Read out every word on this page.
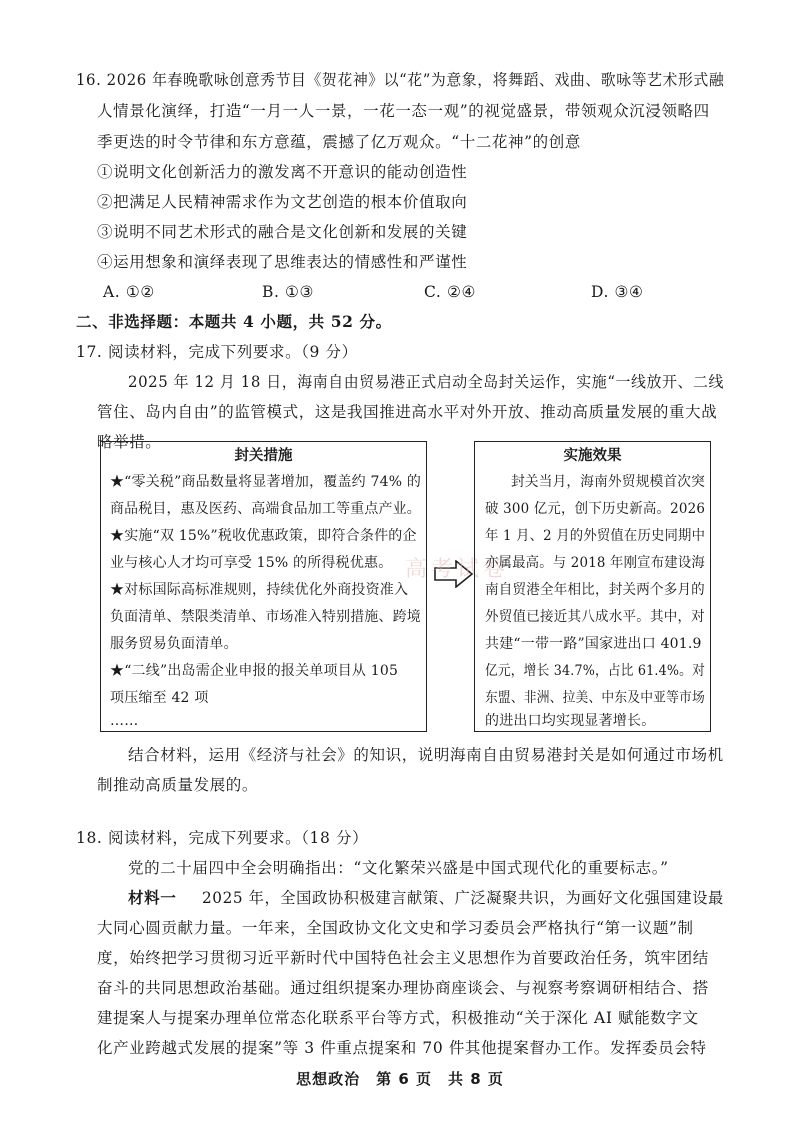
16. 2026 年春晚歌咏创意秀节目《贺花神》以“花”为意象，将舞蹈、戏曲、歌咏等艺术形式融
人情景化演绎，打造“一月一人一景，一花一态一观”的视觉盛景，带领观众沉浸领略四
季更迭的时令节律和东方意蕴，震撼了亿万观众。“十二花神”的创意
①说明文化创新活力的激发离不开意识的能动创造性
②把满足人民精神需求作为文艺创造的根本价值取向
③说明不同艺术形式的融合是文化创新和发展的关键
④运用想象和演绎表现了思维表达的情感性和严谨性
A. ①②	B. ①③	C. ②④	D. ③④
二、非选择题：本题共 4 小题，共 52 分。
17. 阅读材料，完成下列要求。（9 分）
2025 年 12 月 18 日，海南自由贸易港正式启动全岛封关运作，实施“一线放开、二线
管住、岛内自由”的监管模式，这是我国推进高水平对外开放、推动高质量发展的重大战
略举措。
封关措施
★“零关税”商品数量将显著增加，覆盖约 74% 的
商品税目，惠及医药、高端食品加工等重点产业。
★实施“双 15%”税收优惠政策，即符合条件的企
业与核心人才均可享受 15% 的所得税优惠。
★对标国际高标准规则，持续优化外商投资准入
负面清单、禁限类清单、市场准入特别措施、跨境
服务贸易负面清单。
★“二线”出岛需企业申报的报关单项目从 105
项压缩至 42 项
……
高考试卷
实施效果
封关当月，海南外贸规模首次突
破 300 亿元，创下历史新高。2026
年 1 月、2 月的外贸值在历史同期中
亦属最高。与 2018 年刚宣布建设海
南自贸港全年相比，封关两个多月的
外贸值已接近其八成水平。其中，对
共建“一带一路”国家进出口 401.9
亿元，增长 34.7%，占比 61.4%。对
东盟、非洲、拉美、中东及中亚等市场
的进出口均实现显著增长。
结合材料，运用《经济与社会》的知识，说明海南自由贸易港封关是如何通过市场机
制推动高质量发展的。
18. 阅读材料，完成下列要求。（18 分）
党的二十届四中全会明确指出：“文化繁荣兴盛是中国式现代化的重要标志。”
材料一 2025 年，全国政协积极建言献策、广泛凝聚共识，为画好文化强国建设最
大同心圆贡献力量。一年来，全国政协文化文史和学习委员会严格执行“第一议题”制
度，始终把学习贯彻习近平新时代中国特色社会主义思想作为首要政治任务，筑牢团结
奋斗的共同思想政治基础。通过组织提案办理协商座谈会、与视察考察调研相结合、搭
建提案人与提案办理单位常态化联系平台等方式，积极推动“关于深化 AI 赋能数字文
化产业跨越式发展的提案”等 3 件重点提案和 70 件其他提案督办工作。发挥委员会特
思想政治　第 6 页　共 8 页
